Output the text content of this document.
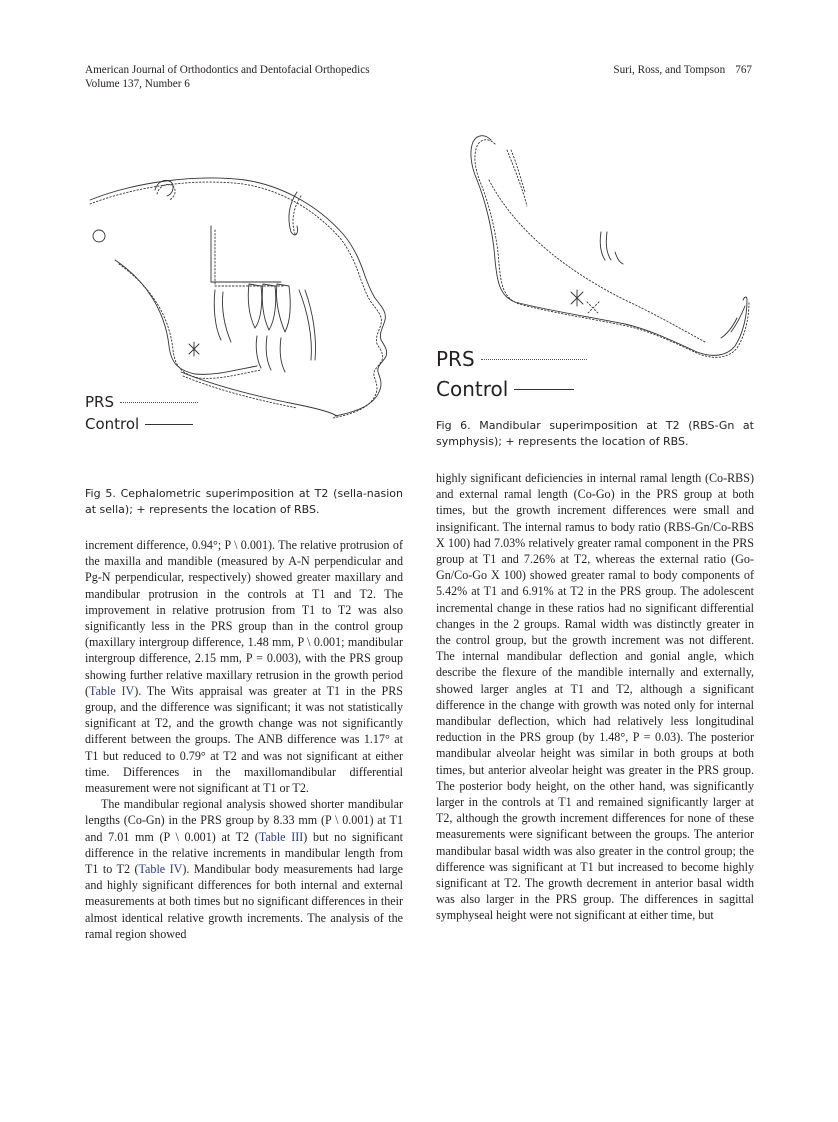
American Journal of Orthodontics and Dentofacial Orthopedics
Volume 137, Number 6
Suri, Ross, and Tompson 767
PRS
Control
Fig 5. Cephalometric superimposition at T2 (sella-nasion at sella); + represents the location of RBS.
PRS
Control
Fig 6. Mandibular superimposition at T2 (RBS-Gn at symphysis); + represents the location of RBS.

increment difference, 0.94°; P \ 0.001). The relative protrusion of the maxilla and mandible (measured by A-N perpendicular and Pg-N perpendicular, respectively) showed greater maxillary and mandibular protrusion in the controls at T1 and T2. The improvement in relative protrusion from T1 to T2 was also significantly less in the PRS group than in the control group (maxillary intergroup difference, 1.48 mm, P \ 0.001; mandibular intergroup difference, 2.15 mm, P = 0.003), with the PRS group showing further relative maxillary retrusion in the growth period (Table IV). The Wits appraisal was greater at T1 in the PRS group, and the difference was significant; it was not statistically significant at T2, and the growth change was not significantly different between the groups. The ANB difference was 1.17° at T1 but reduced to 0.79° at T2 and was not significant at either time. Differences in the maxillomandibular differential measurement were not significant at T1 or T2.

The mandibular regional analysis showed shorter mandibular lengths (Co-Gn) in the PRS group by 8.33 mm (P \ 0.001) at T1 and 7.01 mm (P \ 0.001) at T2 (Table III) but no significant difference in the relative increments in mandibular length from T1 to T2 (Table IV). Mandibular body measurements had large and highly significant differences for both internal and external measurements at both times but no significant differences in their almost identical relative growth increments. The analysis of the ramal region showed

highly significant deficiencies in internal ramal length (Co-RBS) and external ramal length (Co-Go) in the PRS group at both times, but the growth increment differences were small and insignificant. The internal ramus to body ratio (RBS-Gn/Co-RBS X 100) had 7.03% relatively greater ramal component in the PRS group at T1 and 7.26% at T2, whereas the external ratio (Go-Gn/Co-Go X 100) showed greater ramal to body components of 5.42% at T1 and 6.91% at T2 in the PRS group. The adolescent incremental change in these ratios had no significant differential changes in the 2 groups. Ramal width was distinctly greater in the control group, but the growth increment was not different. The internal mandibular deflection and gonial angle, which describe the flexure of the mandible internally and externally, showed larger angles at T1 and T2, although a significant difference in the change with growth was noted only for internal mandibular deflection, which had relatively less longitudinal reduction in the PRS group (by 1.48°, P = 0.03). The posterior mandibular alveolar height was similar in both groups at both times, but anterior alveolar height was greater in the PRS group. The posterior body height, on the other hand, was significantly larger in the controls at T1 and remained significantly larger at T2, although the growth increment differences for none of these measurements were significant between the groups. The anterior mandibular basal width was also greater in the control group; the difference was significant at T1 but increased to become highly significant at T2. The growth decrement in anterior basal width was also larger in the PRS group. The differences in sagittal symphyseal height were not significant at either time, but
